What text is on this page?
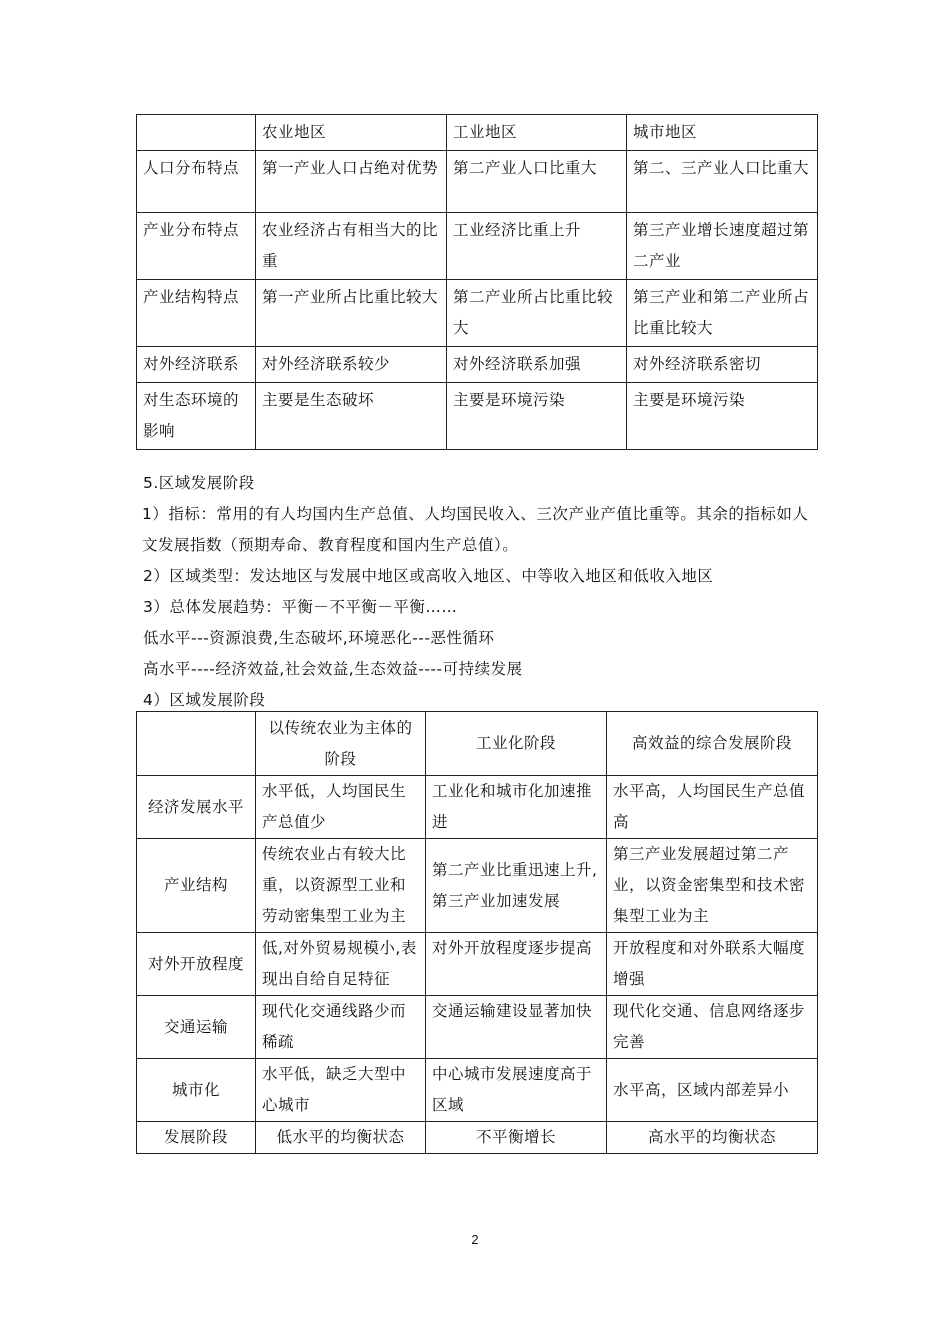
	农业地区	工业地区	城市地区
人口分布特点	第一产业人口占绝对优势	第二产业人口比重大	第二、三产业人口比重大
产业分布特点	农业经济占有相当大的比重	工业经济比重上升	第三产业增长速度超过第二产业
产业结构特点	第一产业所占比重比较大	第二产业所占比重比较大	第三产业和第二产业所占比重比较大
对外经济联系	对外经济联系较少	对外经济联系加强	对外经济联系密切
对生态环境的影响	主要是生态破坏	主要是环境污染	主要是环境污染

5.区域发展阶段

1）指标：常用的有人均国内生产总值、人均国民收入、三次产业产值比重等。其余的指标如人文发展指数（预期寿命、教育程度和国内生产总值）。

2）区域类型：发达地区与发展中地区或高收入地区、中等收入地区和低收入地区

3）总体发展趋势：平衡－不平衡－平衡……

低水平---资源浪费,生态破坏,环境恶化---恶性循环

高水平----经济效益,社会效益,生态效益----可持续发展

4）区域发展阶段

	以传统农业为主体的阶段	工业化阶段	高效益的综合发展阶段
经济发展水平	水平低，人均国民生产总值少	工业化和城市化加速推进	水平高，人均国民生产总值高
产业结构	传统农业占有较大比重，以资源型工业和劳动密集型工业为主	第二产业比重迅速上升,第三产业加速发展	第三产业发展超过第二产业，以资金密集型和技术密集型工业为主
对外开放程度	低,对外贸易规模小,表现出自给自足特征	对外开放程度逐步提高	开放程度和对外联系大幅度增强
交通运输	现代化交通线路少而稀疏	交通运输建设显著加快	现代化交通、信息网络逐步完善
城市化	水平低，缺乏大型中心城市	中心城市发展速度高于区域	水平高，区域内部差异小
发展阶段	低水平的均衡状态	不平衡增长	高水平的均衡状态
2
